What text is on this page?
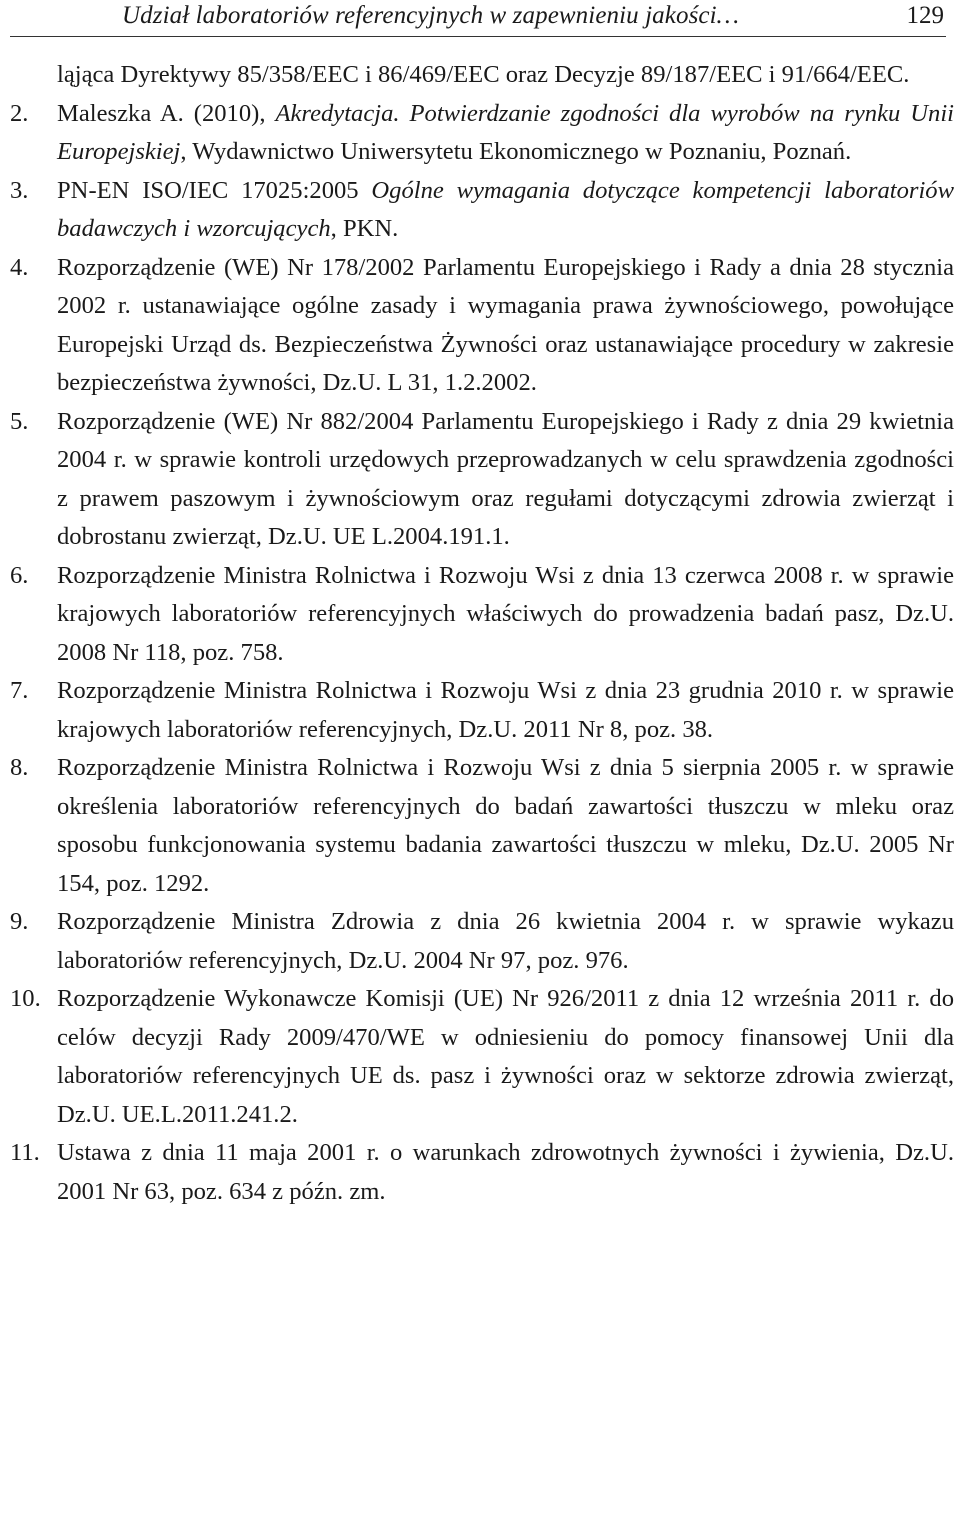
Udział laboratoriów referencyjnych w zapewnieniu jakości…	129
ląjąca Dyrektywy 85/358/EEC i 86/469/EEC oraz Decyzje 89/187/EEC i 91/664/EEC.
2.	Maleszka A. (2010), Akredytacja. Potwierdzanie zgodności dla wyrobów na rynku Unii Europejskiej, Wydawnictwo Uniwersytetu Ekonomicznego w Poznaniu, Poznań.
3.	PN-EN ISO/IEC 17025:2005 Ogólne wymagania dotyczące kompetencji laboratoriów badawczych i wzorcujących, PKN.
4.	Rozporządzenie (WE) Nr 178/2002 Parlamentu Europejskiego i Rady a dnia 28 stycznia 2002 r. ustanawiające ogólne zasady i wymagania prawa żywnościowego, powołujące Europejski Urząd ds. Bezpieczeństwa Żywności oraz ustanawiające procedury w zakresie bezpieczeństwa żywności, Dz.U. L 31, 1.2.2002.
5.	Rozporządzenie (WE) Nr 882/2004 Parlamentu Europejskiego i Rady z dnia 29 kwietnia 2004 r. w sprawie kontroli urzędowych przeprowadzanych w celu sprawdzenia zgodności z prawem paszowym i żywnościowym oraz regułami dotyczącymi zdrowia zwierząt i dobrostanu zwierząt, Dz.U. UE L.2004.191.1.
6.	Rozporządzenie Ministra Rolnictwa i Rozwoju Wsi z dnia 13 czerwca 2008 r. w sprawie krajowych laboratoriów referencyjnych właściwych do prowadzenia badań pasz, Dz.U. 2008 Nr 118, poz. 758.
7.	Rozporządzenie Ministra Rolnictwa i Rozwoju Wsi z dnia 23 grudnia 2010 r. w sprawie krajowych laboratoriów referencyjnych, Dz.U. 2011 Nr 8, poz. 38.
8.	Rozporządzenie Ministra Rolnictwa i Rozwoju Wsi z dnia 5 sierpnia 2005 r. w sprawie określenia laboratoriów referencyjnych do badań zawartości tłuszczu w mleku oraz sposobu funkcjonowania systemu badania zawartości tłuszczu w mleku, Dz.U. 2005 Nr 154, poz. 1292.
9.	Rozporządzenie Ministra Zdrowia z dnia 26 kwietnia 2004 r. w sprawie wykazu laboratoriów referencyjnych, Dz.U. 2004 Nr 97, poz. 976.
10. Rozporządzenie Wykonawcze Komisji (UE) Nr 926/2011 z dnia 12 września 2011 r. do celów decyzji Rady 2009/470/WE w odniesieniu do pomocy finansowej Unii dla laboratoriów referencyjnych UE ds. pasz i żywności oraz w sektorze zdrowia zwierząt, Dz.U. UE.L.2011.241.2.
11. Ustawa z dnia 11 maja 2001 r. o warunkach zdrowotnych żywności i żywienia, Dz.U. 2001 Nr 63, poz. 634 z późn. zm.
